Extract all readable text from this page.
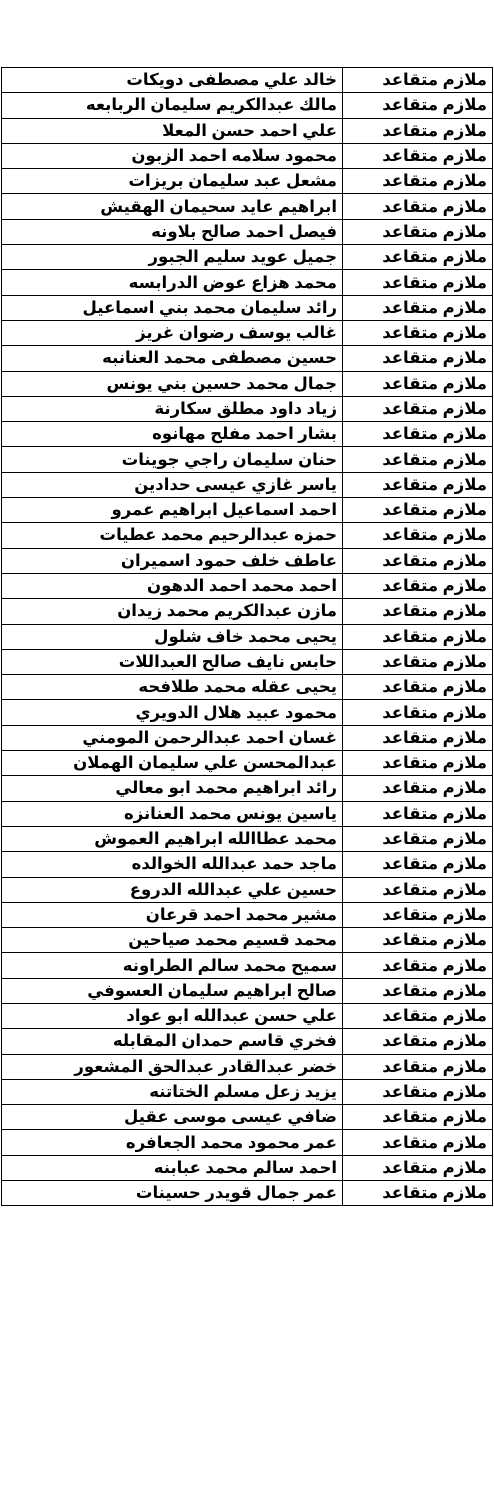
ملازم متقاعد	خالد علي مصطفى دويكات
ملازم متقاعد	مالك عبدالكريم سليمان الربابعه
ملازم متقاعد	علي احمد حسن المعلا
ملازم متقاعد	محمود سلامه احمد الزبون
ملازم متقاعد	مشعل عبد سليمان بريزات
ملازم متقاعد	ابراهيم عايد سحيمان الهقيش
ملازم متقاعد	فيصل احمد صالح بلاونه
ملازم متقاعد	جميل عويد سليم الجبور
ملازم متقاعد	محمد هزاع عوض الدرابسه
ملازم متقاعد	رائد سليمان محمد بني اسماعيل
ملازم متقاعد	غالب يوسف رضوان غريز
ملازم متقاعد	حسين مصطفى محمد العنانبه
ملازم متقاعد	جمال محمد حسين بني يونس
ملازم متقاعد	زياد داود مطلق سكارنة
ملازم متقاعد	بشار احمد مفلح مهانوه
ملازم متقاعد	حنان سليمان راجي جوينات
ملازم متقاعد	ياسر غازي عيسى حدادين
ملازم متقاعد	احمد اسماعيل ابراهيم عمرو
ملازم متقاعد	حمزه عبدالرحيم محمد عطيات
ملازم متقاعد	عاطف خلف حمود اسميران
ملازم متقاعد	احمد محمد احمد الدهون
ملازم متقاعد	مازن عبدالكريم محمد زيدان
ملازم متقاعد	يحيى محمد خاف شلول
ملازم متقاعد	حابس نايف صالح العبداللات
ملازم متقاعد	يحيى عقله محمد طلافحه
ملازم متقاعد	محمود عبيد هلال الدويري
ملازم متقاعد	غسان احمد عبدالرحمن المومني
ملازم متقاعد	عبدالمحسن علي سليمان الهملان
ملازم متقاعد	رائد ابراهيم محمد ابو معالي
ملازم متقاعد	ياسين يونس محمد العنانزه
ملازم متقاعد	محمد عطاالله ابراهيم العموش
ملازم متقاعد	ماجد حمد عبدالله الخوالده
ملازم متقاعد	حسين علي عبدالله الدروع
ملازم متقاعد	مشير محمد احمد قرعان
ملازم متقاعد	محمد قسيم محمد صياحين
ملازم متقاعد	سميح محمد سالم الطراونه
ملازم متقاعد	صالح ابراهيم سليمان العسوفي
ملازم متقاعد	علي حسن عبدالله ابو عواد
ملازم متقاعد	فخري قاسم حمدان المقابله
ملازم متقاعد	خضر عبدالقادر عبدالحق المشعور
ملازم متقاعد	يزيد زعل مسلم الختاتنه
ملازم متقاعد	ضافي عيسى موسى عقيل
ملازم متقاعد	عمر محمود محمد الجعافره
ملازم متقاعد	احمد سالم محمد عبابنه
ملازم متقاعد	عمر جمال قويدر حسينات
